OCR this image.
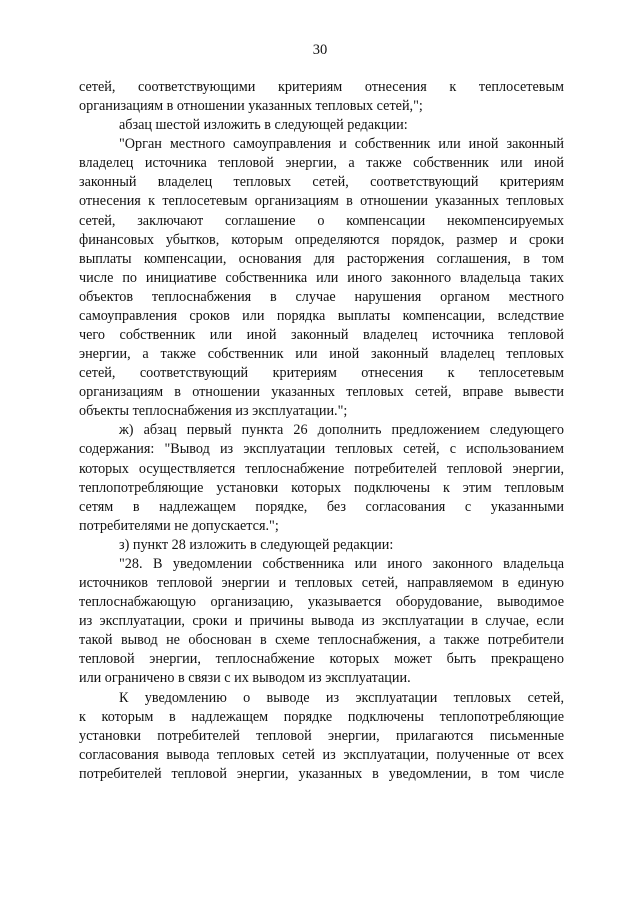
30
сетей, соответствующими критериям отнесения к теплосетевым
организациям в отношении указанных тепловых сетей,";
абзац шестой изложить в следующей редакции:
"Орган местного самоуправления и собственник или иной законный
владелец источника тепловой энергии, а также собственник или иной
законный владелец тепловых сетей, соответствующий критериям
отнесения к теплосетевым организациям в отношении указанных тепловых
сетей, заключают соглашение о компенсации некомпенсируемых
финансовых убытков, которым определяются порядок, размер и сроки
выплаты компенсации, основания для расторжения соглашения, в том
числе по инициативе собственника или иного законного владельца таких
объектов теплоснабжения в случае нарушения органом местного
самоуправления сроков или порядка выплаты компенсации, вследствие
чего собственник или иной законный владелец источника тепловой
энергии, а также собственник или иной законный владелец тепловых
сетей, соответствующий критериям отнесения к теплосетевым
организациям в отношении указанных тепловых сетей, вправе вывести
объекты теплоснабжения из эксплуатации.";
ж) абзац первый пункта 26 дополнить предложением следующего
содержания: "Вывод из эксплуатации тепловых сетей, с использованием
которых осуществляется теплоснабжение потребителей тепловой энергии,
теплопотребляющие установки которых подключены к этим тепловым
сетям в надлежащем порядке, без согласования с указанными
потребителями не допускается.";
з) пункт 28 изложить в следующей редакции:
"28. В уведомлении собственника или иного законного владельца
источников тепловой энергии и тепловых сетей, направляемом в единую
теплоснабжающую организацию, указывается оборудование, выводимое
из эксплуатации, сроки и причины вывода из эксплуатации в случае, если
такой вывод не обоснован в схеме теплоснабжения, а также потребители
тепловой энергии, теплоснабжение которых может быть прекращено
или ограничено в связи с их выводом из эксплуатации.
К уведомлению о выводе из эксплуатации тепловых сетей,
к которым в надлежащем порядке подключены теплопотребляющие
установки потребителей тепловой энергии, прилагаются письменные
согласования вывода тепловых сетей из эксплуатации, полученные от всех
потребителей тепловой энергии, указанных в уведомлении, в том числе
